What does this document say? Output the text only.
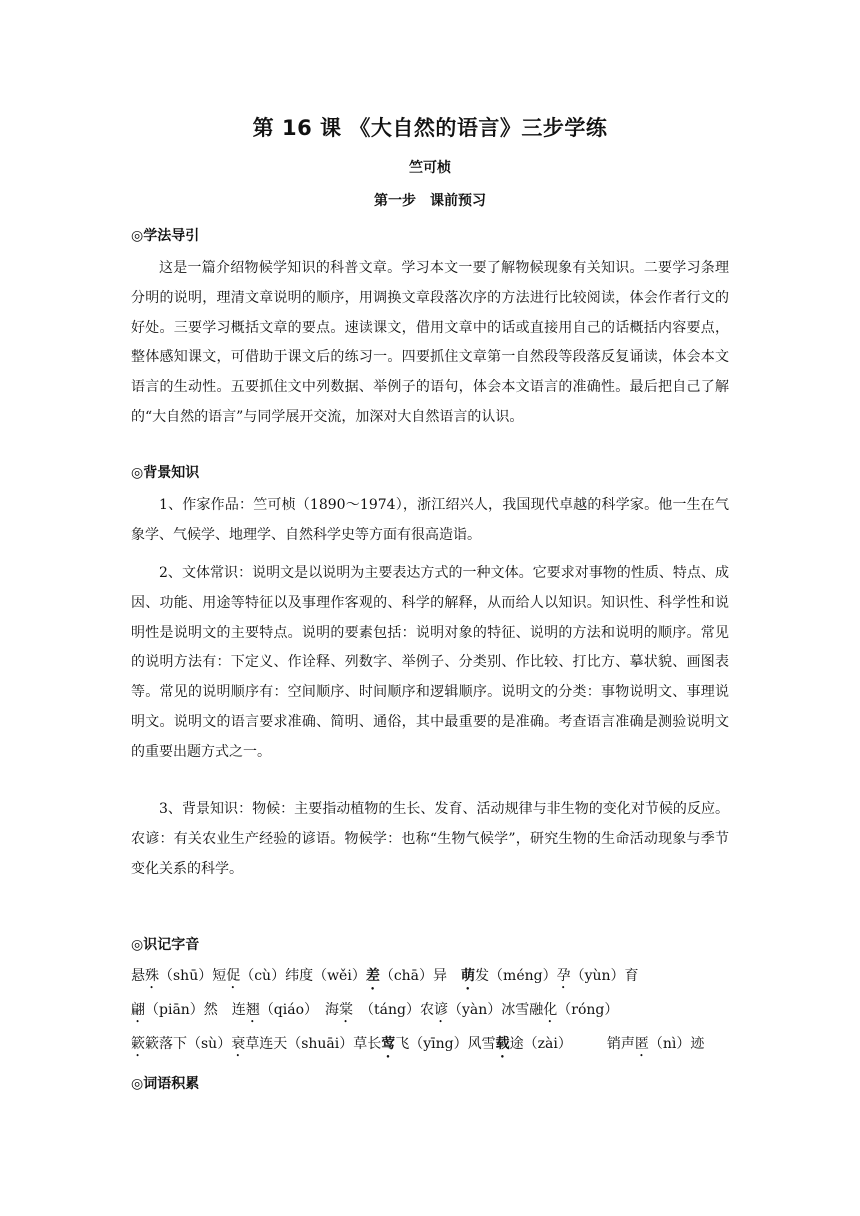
第 16 课 《大自然的语言》三步学练
竺可桢
第一步　课前预习
◎学法导引

这是一篇介绍物候学知识的科普文章。学习本文一要了解物候现象有关知识。二要学习条理分明的说明，理清文章说明的顺序，用调换文章段落次序的方法进行比较阅读，体会作者行文的好处。三要学习概括文章的要点。速读课文，借用文章中的话或直接用自己的话概括内容要点，整体感知课文，可借助于课文后的练习一。四要抓住文章第一自然段等段落反复诵读，体会本文语言的生动性。五要抓住文中列数据、举例子的语句，体会本文语言的准确性。最后把自己了解的“大自然的语言”与同学展开交流，加深对大自然语言的认识。

◎背景知识

1、作家作品：竺可桢（1890～1974），浙江绍兴人，我国现代卓越的科学家。他一生在气象学、气候学、地理学、自然科学史等方面有很高造诣。

2、文体常识：说明文是以说明为主要表达方式的一种文体。它要求对事物的性质、特点、成因、功能、用途等特征以及事理作客观的、科学的解释，从而给人以知识。知识性、科学性和说明性是说明文的主要特点。说明的要素包括：说明对象的特征、说明的方法和说明的顺序。常见的说明方法有：下定义、作诠释、列数字、举例子、分类别、作比较、打比方、摹状貌、画图表等。常见的说明顺序有：空间顺序、时间顺序和逻辑顺序。说明文的分类：事物说明文、事理说明文。说明文的语言要求准确、简明、通俗，其中最重要的是准确。考查语言准确是测验说明文的重要出题方式之一。

3、背景知识：物候：主要指动植物的生长、发育、活动规律与非生物的变化对节候的反应。农谚：有关农业生产经验的谚语。物候学：也称“生物气候学”，研究生物的生命活动现象与季节变化关系的科学。

◎识记字音
悬殊（shū）短促（cù）纬度（wěi）差（chā）异　萌发（méng）孕（yùn）育
翩（piān）然　连翘（qiáo）　海棠　（táng）农谚（yàn）冰雪融化（róng）
簌簌落下（sù）衰草连天（shuāi）草长莺飞（yīng）风雪载途（zài）　　　销声匿（nì）迹
◎词语积累
